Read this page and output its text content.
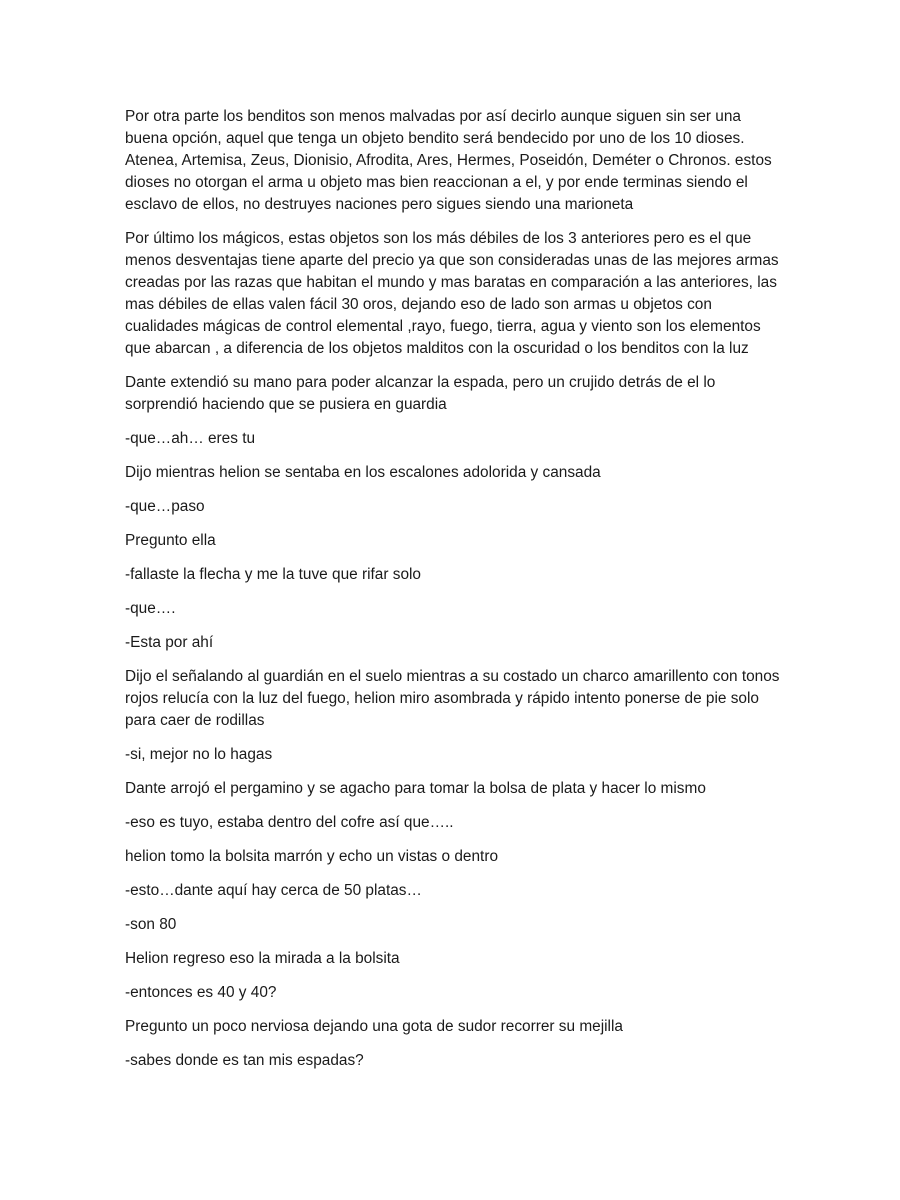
Por otra parte los benditos son menos malvadas por así decirlo aunque siguen sin ser una buena opción, aquel que tenga un objeto bendito será bendecido por uno de los 10 dioses. Atenea, Artemisa, Zeus, Dionisio, Afrodita, Ares, Hermes, Poseidón, Deméter o Chronos. estos dioses no otorgan el arma u objeto mas bien reaccionan a el, y por ende terminas siendo el esclavo de ellos, no destruyes naciones pero sigues siendo una marioneta

Por último los mágicos, estas objetos son los más débiles de los 3 anteriores pero es el que menos desventajas tiene aparte del precio ya que son consideradas unas de las mejores armas creadas por las razas que habitan el mundo y mas baratas en comparación a las anteriores, las mas débiles de ellas valen fácil 30 oros, dejando eso de lado son armas u objetos con cualidades mágicas de control elemental ,rayo, fuego, tierra, agua y viento son los elementos que abarcan , a diferencia de los objetos malditos con la oscuridad o los benditos con la luz

Dante extendió su mano para poder alcanzar la espada, pero un crujido detrás de el lo sorprendió haciendo que se pusiera en guardia

-que…ah… eres tu

Dijo mientras helion se sentaba en los escalones adolorida y cansada

-que…paso

Pregunto ella

-fallaste la flecha y me la tuve que rifar solo

-que….

-Esta por ahí

Dijo el señalando al guardián en el suelo mientras a su costado un charco amarillento con tonos rojos relucía con la luz del fuego, helion miro asombrada y rápido intento ponerse de pie solo para caer de rodillas

-si, mejor no lo hagas

Dante arrojó el pergamino y se agacho para tomar la bolsa de plata y hacer lo mismo

-eso es tuyo, estaba dentro del cofre así que…..

helion tomo la bolsita marrón y echo un vistas o dentro

-esto…dante aquí hay cerca de 50 platas…

-son 80

Helion regreso eso la mirada a la bolsita

-entonces es 40 y 40?

Pregunto un poco nerviosa dejando una gota de sudor recorrer su mejilla

-sabes donde es tan mis espadas?
